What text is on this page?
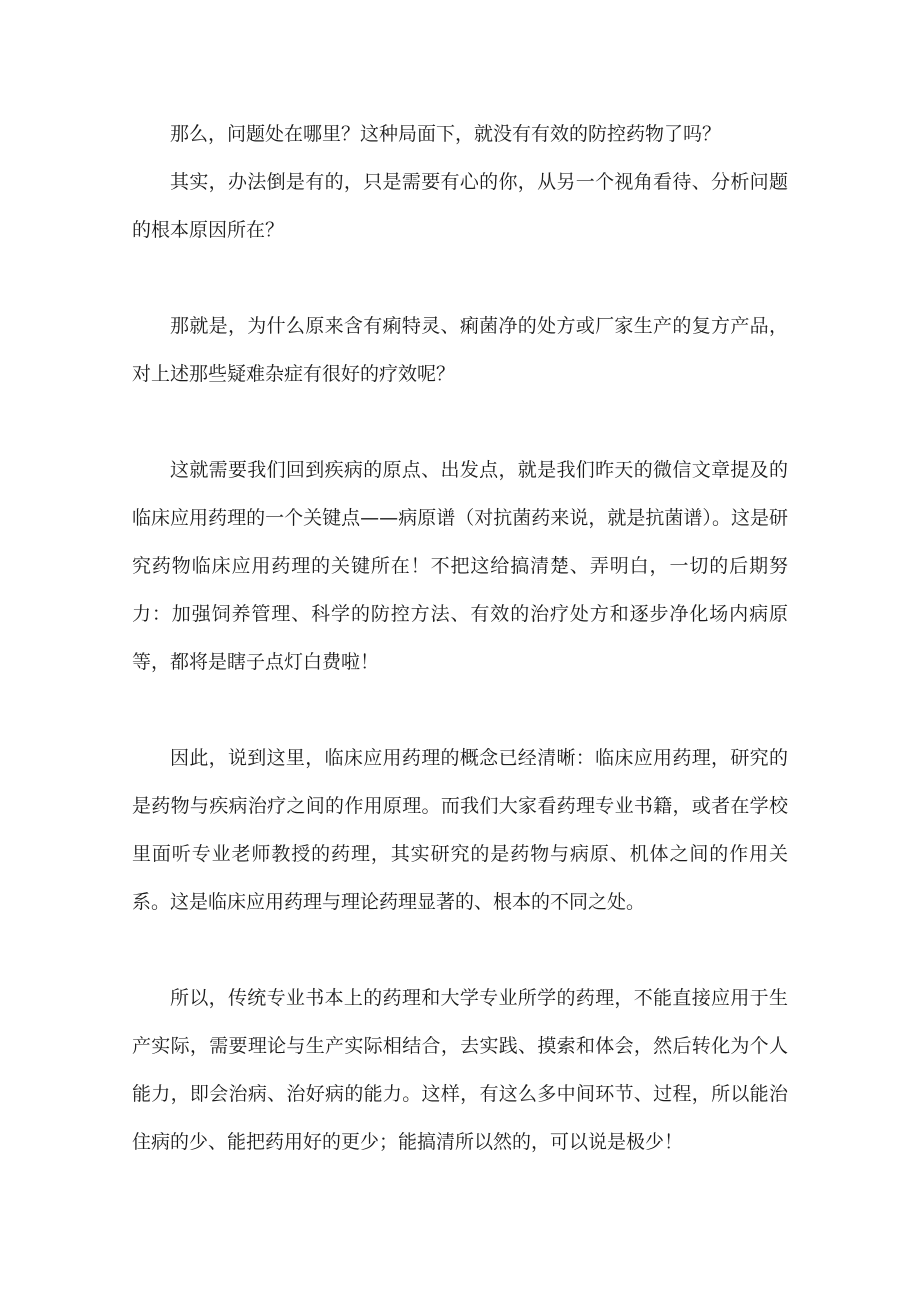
那么，问题处在哪里？这种局面下，就没有有效的防控药物了吗？

其实，办法倒是有的，只是需要有心的你，从另一个视角看待、分析问题的根本原因所在？

那就是，为什么原来含有痢特灵、痢菌净的处方或厂家生产的复方产品，对上述那些疑难杂症有很好的疗效呢？

这就需要我们回到疾病的原点、出发点，就是我们昨天的微信文章提及的临床应用药理的一个关键点——病原谱（对抗菌药来说，就是抗菌谱）。这是研究药物临床应用药理的关键所在！不把这给搞清楚、弄明白，一切的后期努力：加强饲养管理、科学的防控方法、有效的治疗处方和逐步净化场内病原等，都将是瞎子点灯白费啦！

因此，说到这里，临床应用药理的概念已经清晰：临床应用药理，研究的是药物与疾病治疗之间的作用原理。而我们大家看药理专业书籍，或者在学校里面听专业老师教授的药理，其实研究的是药物与病原、机体之间的作用关系。这是临床应用药理与理论药理显著的、根本的不同之处。

所以，传统专业书本上的药理和大学专业所学的药理，不能直接应用于生产实际，需要理论与生产实际相结合，去实践、摸索和体会，然后转化为个人能力，即会治病、治好病的能力。这样，有这么多中间环节、过程，所以能治住病的少、能把药用好的更少；能搞清所以然的，可以说是极少！
